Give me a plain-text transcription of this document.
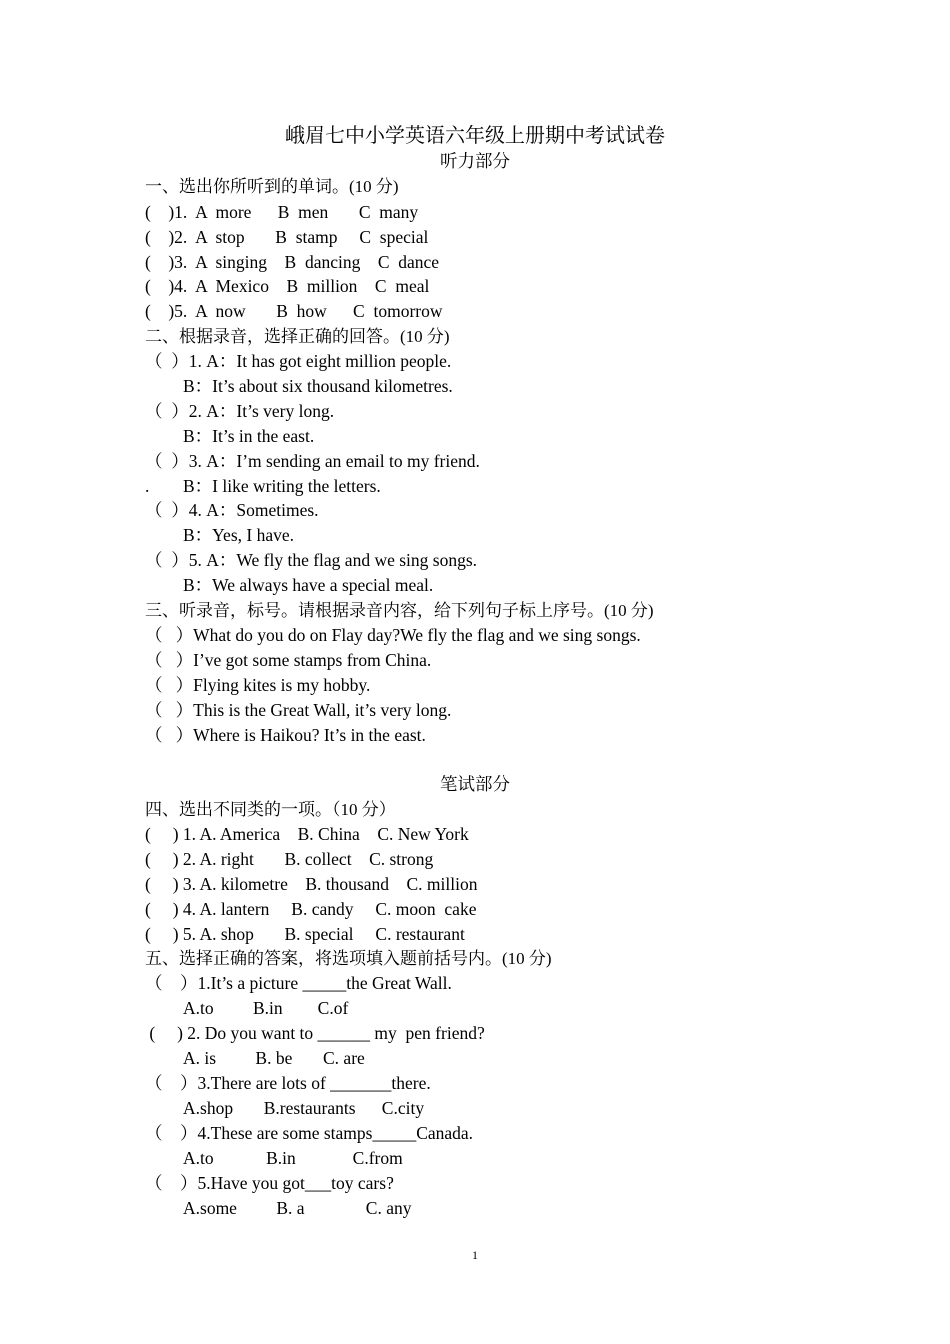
峨眉七中小学英语六年级上册期中考试试卷
听力部分
一、选出你所听到的单词。(10 分)
(    )1.  A  more      B  men       C  many
(    )2.  A  stop       B  stamp     C  special
(    )3.  A  singing    B  dancing    C  dance
(    )4.  A  Mexico    B  million    C  meal
(    )5.  A  now       B  how      C  tomorrow
二、根据录音，选择正确的回答。(10 分)
（  ）1. A：It has got eight million people.
B：It’s about six thousand kilometres.
（  ）2. A：It’s very long.
B：It’s in the east.
（  ）3. A：I’m sending an email to my friend.
.	B：I like writing the letters.
（  ）4. A：Sometimes.
B：Yes, I have.
（  ）5. A：We fly the flag and we sing songs.
B：We always have a special meal.
三、听录音，标号。请根据录音内容，给下列句子标上序号。(10 分)
（   ）What do you do on Flay day?We fly the flag and we sing songs.
（   ）I’ve got some stamps from China.
（   ）Flying kites is my hobby.
（   ）This is the Great Wall, it’s very long.
（   ）Where is Haikou? It’s in the east.
笔试部分
四、选出不同类的一项。（10 分）
(     ) 1. A. America    B. China    C. New York
(     ) 2. A. right       B. collect    C. strong
(     ) 3. A. kilometre    B. thousand    C. million
(     ) 4. A. lantern     B. candy     C. moon  cake
(     ) 5. A. shop       B. special     C. restaurant
五、选择正确的答案，将选项填入题前括号内。(10 分)
（    ）1.It’s a picture _____the Great Wall.
A.to         B.in        C.of
(     ) 2. Do you want to ______ my  pen friend?
A. is         B. be       C. are
（    ）3.There are lots of _______there.
A.shop       B.restaurants      C.city
（    ）4.These are some stamps_____Canada.
A.to            B.in             C.from
（    ）5.Have you got___toy cars?
A.some         B. a              C. any
1
